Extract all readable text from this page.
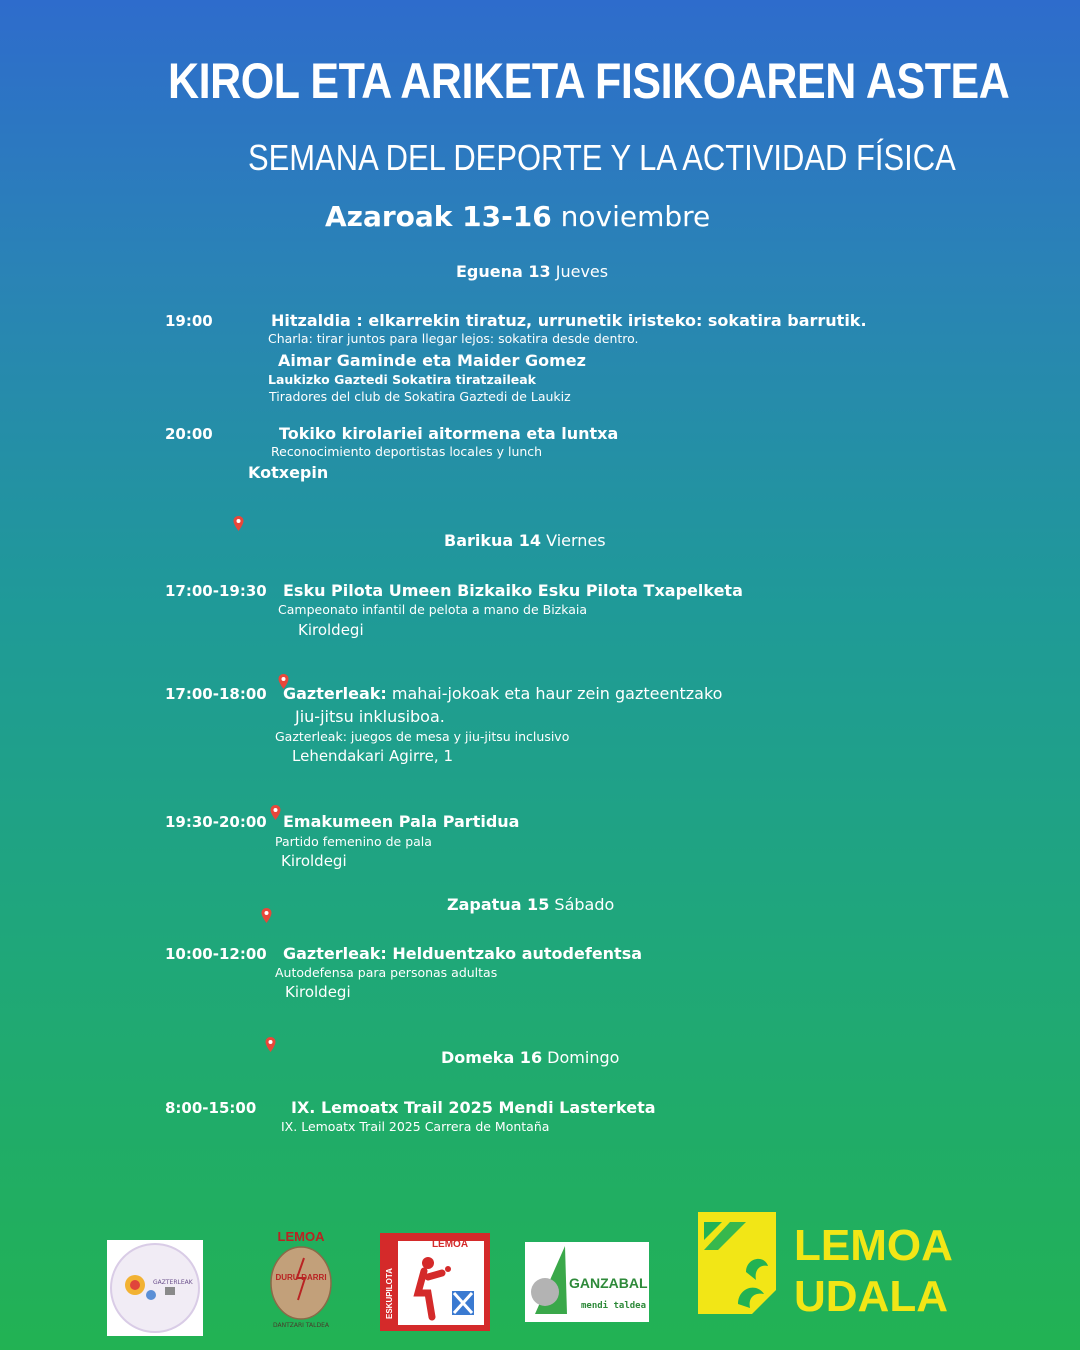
KIROL ETA ARIKETA FISIKOAREN ASTEA
SEMANA DEL DEPORTE Y LA ACTIVIDAD FÍSICA
Azaroak 13-16 noviembre
Eguena 13 Jueves
19:00	Hitzaldia : elkarrekin tiratuz, urrunetik iristeko: sokatira barrutik.
Charla: tirar juntos para llegar lejos: sokatira desde dentro.
Aimar Gaminde eta Maider Gomez
Laukizko Gaztedi Sokatira tiratzaileak
Tiradores del club de Sokatira Gaztedi de Laukiz
20:00	Tokiko kirolariei aitormena eta luntxa
Reconocimiento deportistas locales y lunch
Kotxepin
Barikua 14 Viernes
17:00-19:30 Esku Pilota Umeen Bizkaiko Esku Pilota Txapelketa
Campeonato infantil de pelota a mano de Bizkaia
Kiroldegi
17:00-18:00 Gazterleak: mahai-jokoak eta haur zein gazteentzako
Jiu-jitsu inklusiboa.
Gazterleak: juegos de mesa y jiu-jitsu inclusivo
Lehendakari Agirre, 1
19:30-20:00 Emakumeen Pala Partidua
Partido femenino de pala
Kiroldegi
Zapatua 15 Sábado
10:00-12:00 Gazterleak: Helduentzako autodefentsa
Autodefensa para personas adultas
Kiroldegi
Domeka 16 Domingo
8:00-15:00 IX. Lemoatx Trail 2025 Mendi Lasterketa
IX. Lemoatx Trail 2025 Carrera de Montaña
GAZTERLEAK
LEMOA
DURU-DARRI
DANTZARI TALDEA
LEMOA
ESKUPILOTA	GANZABAL
mendi taldea
LEMOA
UDALA
